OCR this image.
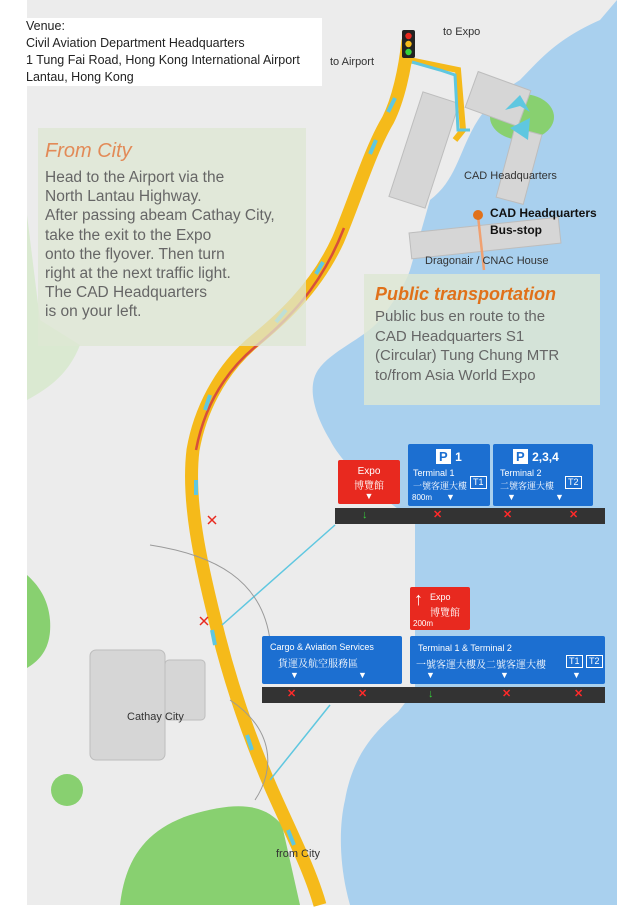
Venue:
Civil Aviation Department Headquarters
1 Tung Fai Road, Hong Kong International Airport
Lantau, Hong Kong
to Expo
to Airport
CAD Headquarters
Dragonair / CNAC House
Cathay City
from City
CAD Headquarters
Bus-stop
From City
Head to the Airport via the
North Lantau Highway.
After passing abeam Cathay City,
take the exit to the Expo
onto the flyover. Then turn
right at the next traffic light.
The CAD Headquarters
is on your left.
Public transportation
Public bus en route to the
CAD Headquarters S1
(Circular) Tung Chung MTR
to/from Asia World Expo
Expo
博覽館
▼
P 1
Terminal 1
一號客運大樓 T1
800m ▼
P 2,3,4
Terminal 2
二號客運大樓	T2
▼	▼
↓	✕	✕	✕
↑ Expo
博覽館
200m
Cargo & Aviation Services
貨運及航空服務區
▼	▼
Terminal 1 & Terminal 2
一號客運大樓及二號客運大樓	T1	T2
▼	▼	▼
✕	✕	↓	✕	✕
